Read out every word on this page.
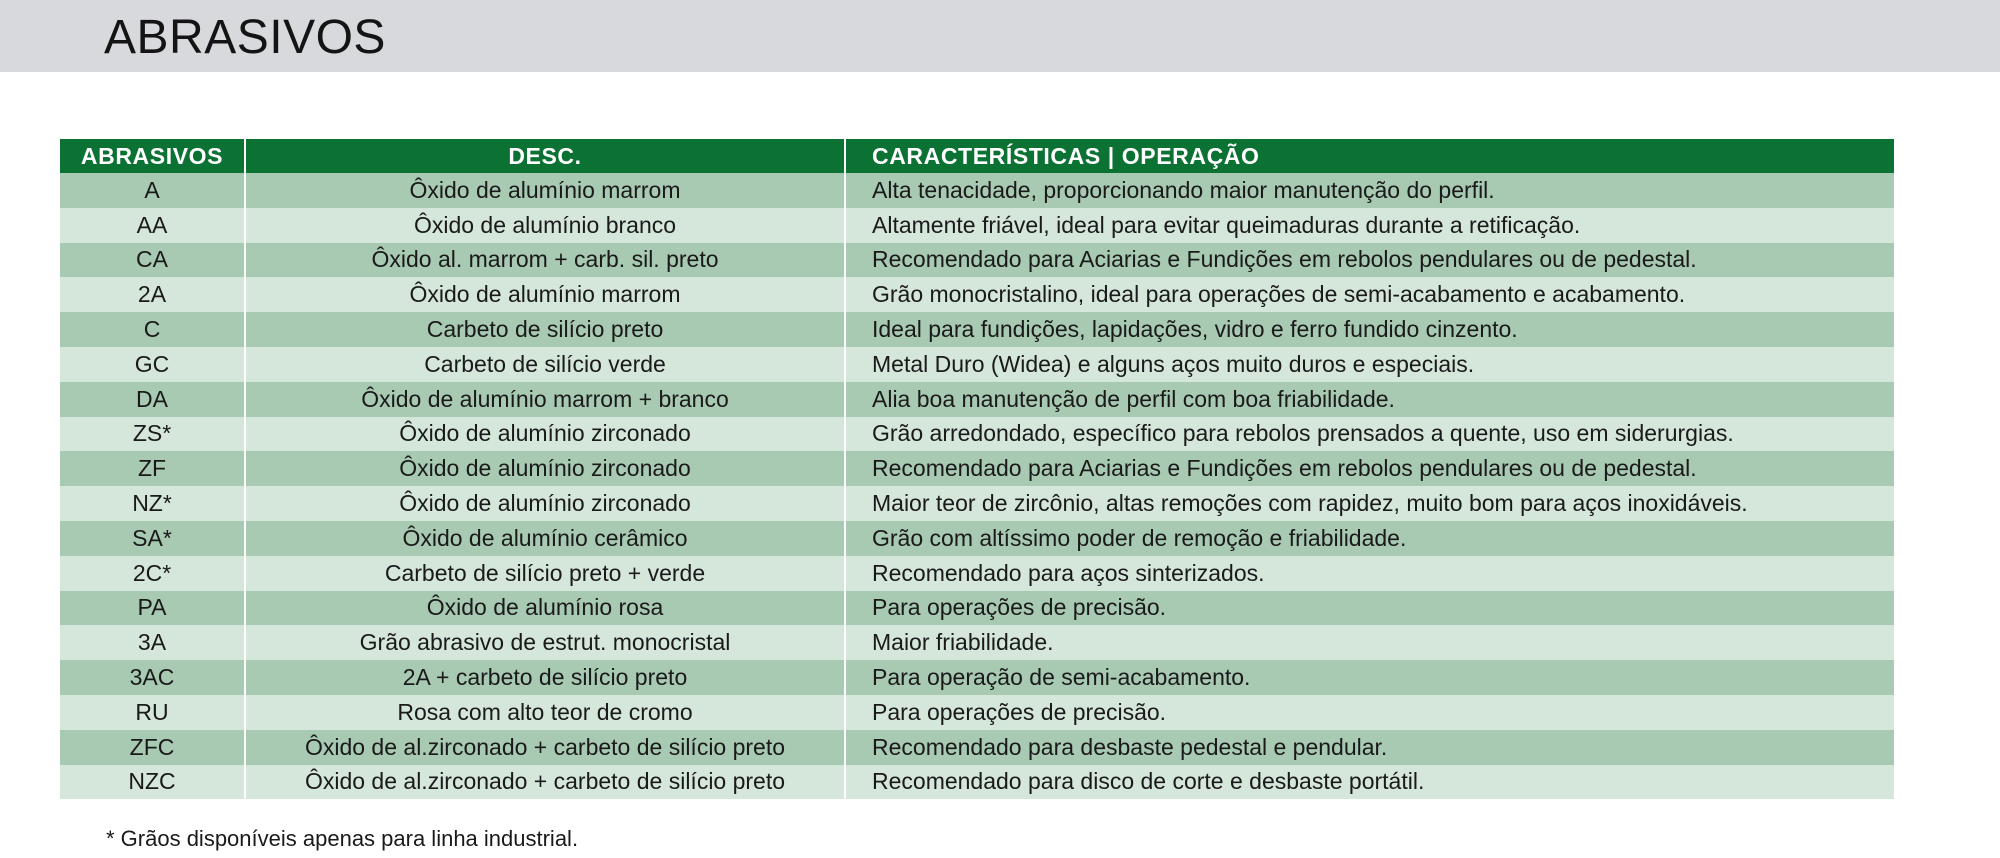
ABRASIVOS
ABRASIVOS	DESC.	CARACTERÍSTICAS | OPERAÇÃO
A	Ôxido de alumínio marrom	Alta tenacidade, proporcionando maior manutenção do perfil.
AA	Ôxido de alumínio branco	Altamente friável, ideal para evitar queimaduras durante a retificação.
CA	Ôxido al. marrom + carb. sil. preto	Recomendado para Aciarias e Fundições em rebolos pendulares ou de pedestal.
2A	Ôxido de alumínio marrom	Grão monocristalino, ideal para operações de semi-acabamento e acabamento.
C	Carbeto de silício preto	Ideal para fundições, lapidações, vidro e ferro fundido cinzento.
GC	Carbeto de silício verde	Metal Duro (Widea) e alguns aços muito duros e especiais.
DA	Ôxido de alumínio marrom + branco	Alia boa manutenção de perfil com boa friabilidade.
ZS*	Ôxido de alumínio zirconado	Grão arredondado, específico para rebolos prensados a quente, uso em siderurgias.
ZF	Ôxido de alumínio zirconado	Recomendado para Aciarias e Fundições em rebolos pendulares ou de pedestal.
NZ*	Ôxido de alumínio zirconado	Maior teor de zircônio, altas remoções com rapidez, muito bom para aços inoxidáveis.
SA*	Ôxido de alumínio cerâmico	Grão com altíssimo poder de remoção e friabilidade.
2C*	Carbeto de silício preto + verde	Recomendado para aços sinterizados.
PA	Ôxido de alumínio rosa	Para operações de precisão.
3A	Grão abrasivo de estrut. monocristal	Maior friabilidade.
3AC	2A + carbeto de silício preto	Para operação de semi-acabamento.
RU	Rosa com alto teor de cromo	Para operações de precisão.
ZFC	Ôxido de al.zirconado + carbeto de silício preto	Recomendado para desbaste pedestal e pendular.
NZC	Ôxido de al.zirconado + carbeto de silício preto	Recomendado para disco de corte e desbaste portátil.
* Grãos disponíveis apenas para linha industrial.
